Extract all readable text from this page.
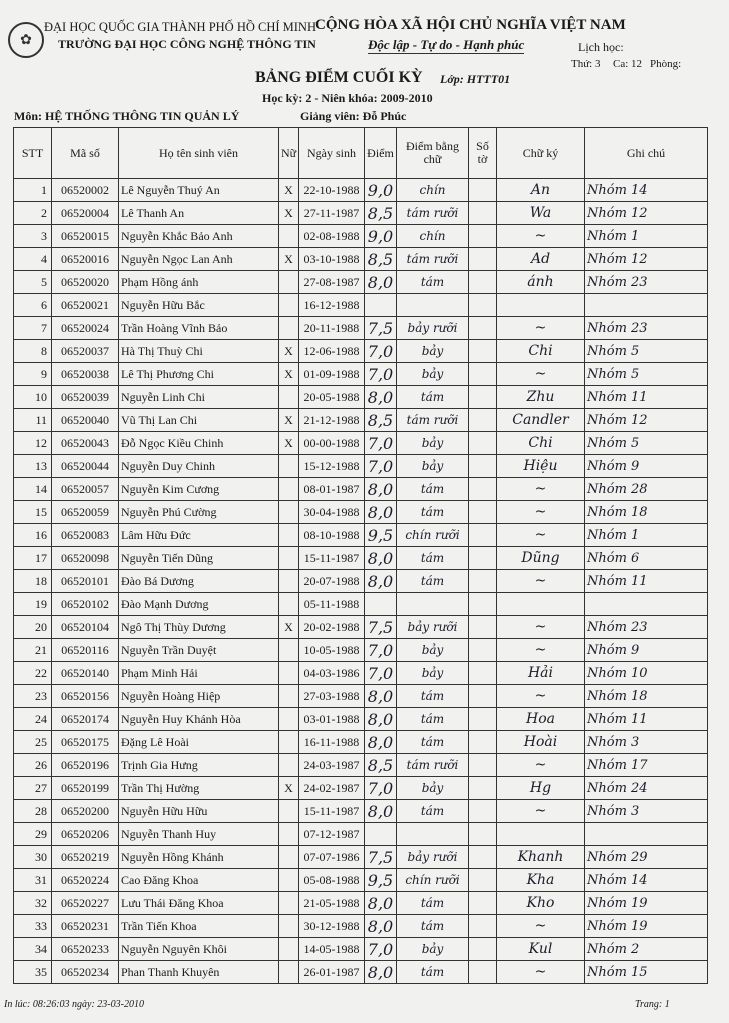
✿
ĐẠI HỌC QUỐC GIA THÀNH PHỐ HỒ CHÍ MINH
TRƯỜNG ĐẠI HỌC CÔNG NGHỆ THÔNG TIN
CỘNG HÒA XÃ HỘI CHỦ NGHĨA VIỆT NAM
Độc lập - Tự do - Hạnh phúc	Lịch học:
Thứ: 3 Ca: 12 Phòng:
BẢNG ĐIỂM CUỐI KỲ Lớp: HTTT01
Học kỳ: 2 - Niên khóa: 2009-2010
Môn: HỆ THỐNG THÔNG TIN QUẢN LÝ	Giảng viên: Đỗ Phúc
STT	Mã số	Họ tên sinh viên	Nữ	Ngày sinh	Điểm	Điểm bằng chữ	Số tờ	Chữ ký	Ghi chú
1	06520002	Lê Nguyễn Thuý An	X	22-10-1988	9,0	chín		An	Nhóm 14
2	06520004	Lê Thanh An	X	27-11-1987	8,5	tám rưỡi		Wa	Nhóm 12
3	06520015	Nguyễn Khắc Bảo Anh		02-08-1988	9,0	chín		~	Nhóm 1
4	06520016	Nguyễn Ngọc Lan Anh	X	03-10-1988	8,5	tám rưỡi		Ad	Nhóm 12
5	06520020	Phạm Hồng ánh		27-08-1987	8,0	tám		ánh	Nhóm 23
6	06520021	Nguyễn Hữu Bắc		16-12-1988					
7	06520024	Trần Hoàng Vĩnh Bảo		20-11-1988	7,5	bảy rưỡi		~	Nhóm 23
8	06520037	Hà Thị Thuỳ Chi	X	12-06-1988	7,0	bảy		Chi	Nhóm 5
9	06520038	Lê Thị Phương Chi	X	01-09-1988	7,0	bảy		~	Nhóm 5
10	06520039	Nguyễn Linh Chi		20-05-1988	8,0	tám		Zhu	Nhóm 11
11	06520040	Vũ Thị Lan Chi	X	21-12-1988	8,5	tám rưỡi		Candler	Nhóm 12
12	06520043	Đỗ Ngọc Kiều Chinh	X	00-00-1988	7,0	bảy		Chi	Nhóm 5
13	06520044	Nguyễn Duy Chinh		15-12-1988	7,0	bảy		Hiệu	Nhóm 9
14	06520057	Nguyễn Kim Cương		08-01-1987	8,0	tám		~	Nhóm 28
15	06520059	Nguyễn Phú Cường		30-04-1988	8,0	tám		~	Nhóm 18
16	06520083	Lâm Hữu Đức		08-10-1988	9,5	chín rưỡi		~	Nhóm 1
17	06520098	Nguyễn Tiến Dũng		15-11-1987	8,0	tám		Dũng	Nhóm 6
18	06520101	Đào Bá Dương		20-07-1988	8,0	tám		~	Nhóm 11
19	06520102	Đào Mạnh Dương		05-11-1988					
20	06520104	Ngô Thị Thùy Dương	X	20-02-1988	7,5	bảy rưỡi		~	Nhóm 23
21	06520116	Nguyễn Trần Duyệt		10-05-1988	7,0	bảy		~	Nhóm 9
22	06520140	Phạm Minh Hải		04-03-1986	7,0	bảy		Hải	Nhóm 10
23	06520156	Nguyễn Hoàng Hiệp		27-03-1988	8,0	tám		~	Nhóm 18
24	06520174	Nguyễn Huy Khánh Hòa		03-01-1988	8,0	tám		Hoa	Nhóm 11
25	06520175	Đặng Lê Hoài		16-11-1988	8,0	tám		Hoài	Nhóm 3
26	06520196	Trịnh Gia Hưng		24-03-1987	8,5	tám rưỡi		~	Nhóm 17
27	06520199	Trần Thị Hường	X	24-02-1987	7,0	bảy		Hg	Nhóm 24
28	06520200	Nguyễn Hữu Hữu		15-11-1987	8,0	tám		~	Nhóm 3
29	06520206	Nguyễn Thanh Huy		07-12-1987					
30	06520219	Nguyễn Hồng Khánh		07-07-1986	7,5	bảy rưỡi		Khanh	Nhóm 29
31	06520224	Cao Đăng Khoa		05-08-1988	9,5	chín rưỡi		Kha	Nhóm 14
32	06520227	Lưu Thái Đăng Khoa		21-05-1988	8,0	tám		Kho	Nhóm 19
33	06520231	Trần Tiến Khoa		30-12-1988	8,0	tám		~	Nhóm 19
34	06520233	Nguyễn Nguyên Khôi		14-05-1988	7,0	bảy		Kul	Nhóm 2
35	06520234	Phan Thanh Khuyên		26-01-1987	8,0	tám		~	Nhóm 15
In lúc: 08:26:03 ngày: 23-03-2010	Trang: 1
